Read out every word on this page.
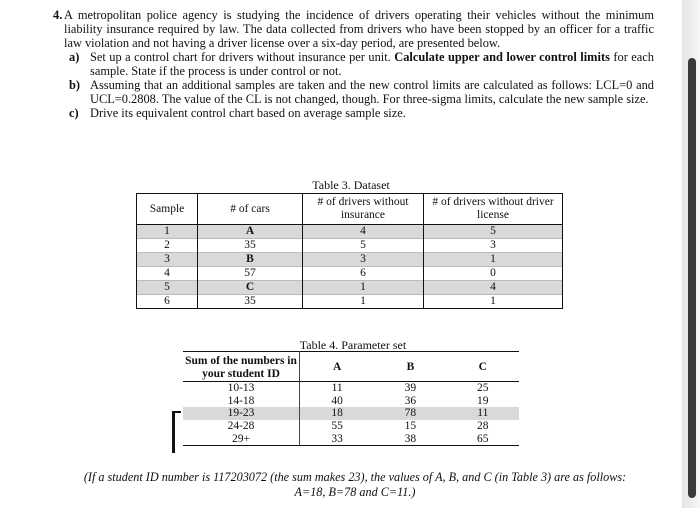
4. A metropolitan police agency is studying the incidence of drivers operating their vehicles without the minimum liability insurance required by law. The data collected from drivers who have been stopped by an officer for a traffic law violation and not having a driver license over a six-day period, are presented below.

a) Set up a control chart for drivers without insurance per unit. Calculate upper and lower control limits for each sample. State if the process is under control or not.
b) Assuming that an additional samples are taken and the new control limits are calculated as follows: LCL=0 and UCL=0.2808. The value of the CL is not changed, though. For three-sigma limits, calculate the new sample size.
c) Drive its equivalent control chart based on average sample size.
Table 3. Dataset
Sample	# of cars	# of drivers without insurance	# of drivers without driver license
1	A	4	5
2	35	5	3
3	B	3	1
4	57	6	0
5	C	1	4
6	35	1	1
Table 4. Parameter set
Sum of the numbers in your student ID	A	B	C
10-13	11	39	25
14-18	40	36	19
19-23	18	78	11
24-28	55	15	28
29+	33	38	65
(If a student ID number is 117203072 (the sum makes 23), the values of A, B, and C (in Table 3) are as follows: A=18, B=78 and C=11.)
